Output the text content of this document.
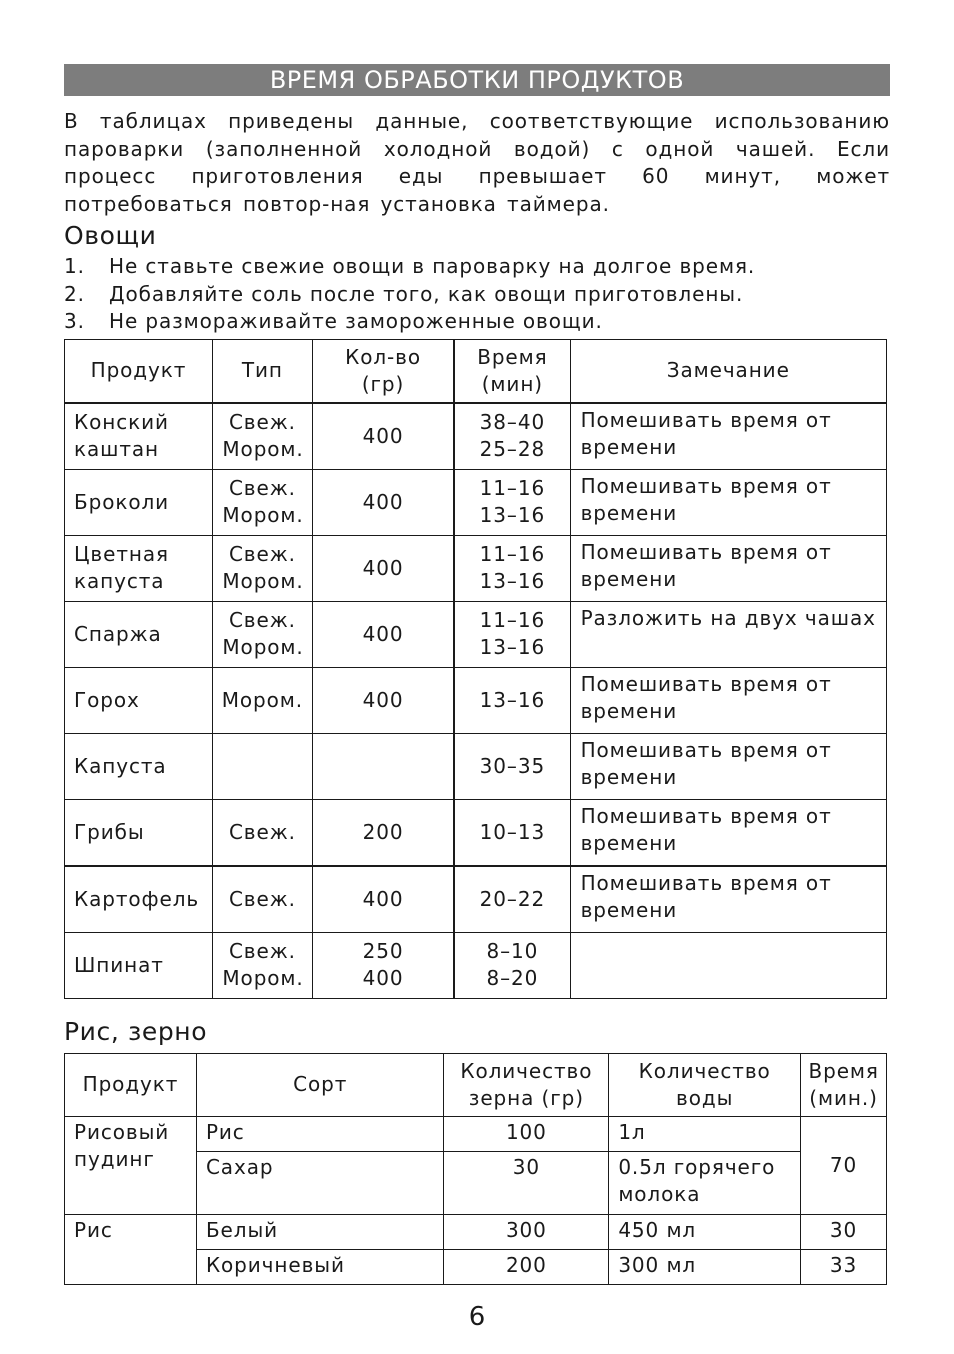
ВРЕМЯ ОБРАБОТКИ ПРОДУКТОВ
В таблицах приведены данные, соответствующие использованию пароварки (заполненной холодной водой) с одной чашей. Если процесс приготовления еды превышает 60 минут, может потребоваться повтор-ная установка таймера.
Овощи
1.	Не ставьте свежие овощи в пароварку на долгое время.
2.	Добавляйте соль после того, как овощи приготовлены.
3.	Не размораживайте замороженные овощи.
Продукт	Тип	Кол-во (гр)	Время (мин)	Замечание
Конский каштан	Свеж. Мором.	400	38–40 25–28	Помешивать время от времени
Броколи	Свеж. Мором.	400	11–16 13–16	Помешивать время от времени
Цветная капуста	Свеж. Мором.	400	11–16 13–16	Помешивать время от времени
Спаржа	Свеж. Мором.	400	11–16 13–16	Разложить на двух чашах
Горох	Мором.	400	13–16	Помешивать время от времени
Капуста			30–35	Помешивать время от времени
Грибы	Свеж.	200	10–13	Помешивать время от времени
Картофель	Свеж.	400	20–22	Помешивать время от времени
Шпинат	Свеж. Мором.	250 400	8–10 8–20	
Рис, зерно
Продукт	Сорт	Количество зерна (гр)	Количество воды	Время (мин.)
Рисовый пудинг	Рис	100	1л	70
	Сахар	30	0.5л горячего молока	
Рис	Белый	300	450 мл	30
	Коричневый	200	300 мл	33
6
